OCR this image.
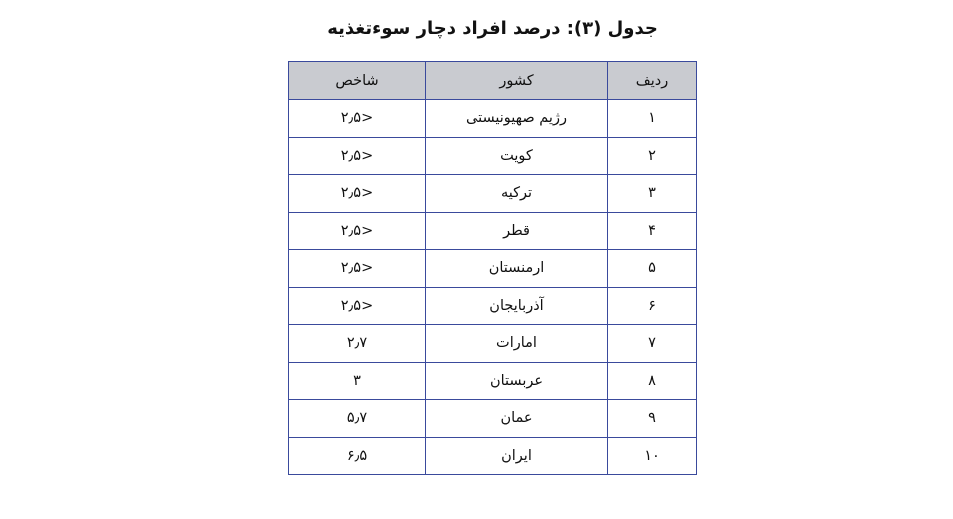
جدول (۳): درصد افراد دچار سوءتغذیه
ردیف	کشور	شاخص
۱	رژیم صهیونیستی	<۲٫۵
۲	کویت	<۲٫۵
۳	ترکیه	<۲٫۵
۴	قطر	<۲٫۵
۵	ارمنستان	<۲٫۵
۶	آذربایجان	<۲٫۵
۷	امارات	۲٫۷
۸	عربستان	۳
۹	عمان	۵٫۷
۱۰	ایران	۶٫۵
